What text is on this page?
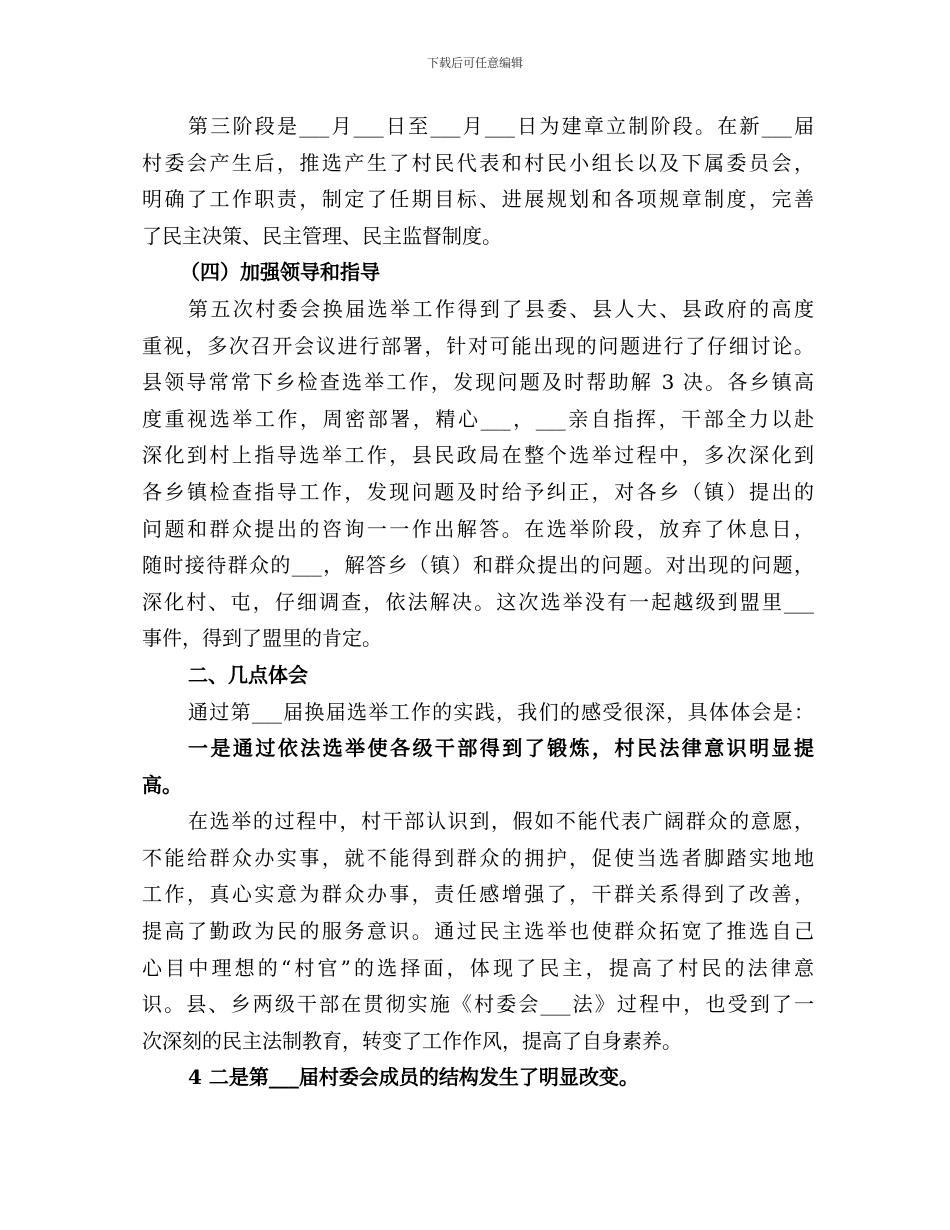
下载后可任意编辑
第三阶段是___月___日至___月___日为建章立制阶段。在新___届
村委会产生后，推选产生了村民代表和村民小组长以及下属委员会，
明确了工作职责，制定了任期目标、进展规划和各项规章制度，完善
了民主决策、民主管理、民主监督制度。
（四）加强领导和指导
第五次村委会换届选举工作得到了县委、县人大、县政府的高度
重视，多次召开会议进行部署，针对可能出现的问题进行了仔细讨论。
县领导常常下乡检查选举工作，发现问题及时帮助解 3 决。各乡镇高
度重视选举工作，周密部署，精心___，___亲自指挥，干部全力以赴
深化到村上指导选举工作，县民政局在整个选举过程中，多次深化到
各乡镇检查指导工作，发现问题及时给予纠正，对各乡（镇）提出的
问题和群众提出的咨询一一作出解答。在选举阶段，放弃了休息日，
随时接待群众的___，解答乡（镇）和群众提出的问题。对出现的问题，
深化村、屯，仔细调查，依法解决。这次选举没有一起越级到盟里___
事件，得到了盟里的肯定。
二、几点体会
通过第___届换届选举工作的实践，我们的感受很深，具体体会是：
一是通过依法选举使各级干部得到了锻炼，村民法律意识明显提
高。
在选举的过程中，村干部认识到，假如不能代表广阔群众的意愿，
不能给群众办实事，就不能得到群众的拥护，促使当选者脚踏实地地
工作，真心实意为群众办事，责任感增强了，干群关系得到了改善，
提高了勤政为民的服务意识。通过民主选举也使群众拓宽了推选自己
心目中理想的“村官”的选择面，体现了民主，提高了村民的法律意
识。县、乡两级干部在贯彻实施《村委会___法》过程中，也受到了一
次深刻的民主法制教育，转变了工作作风，提高了自身素养。
4 二是第___届村委会成员的结构发生了明显改变。
